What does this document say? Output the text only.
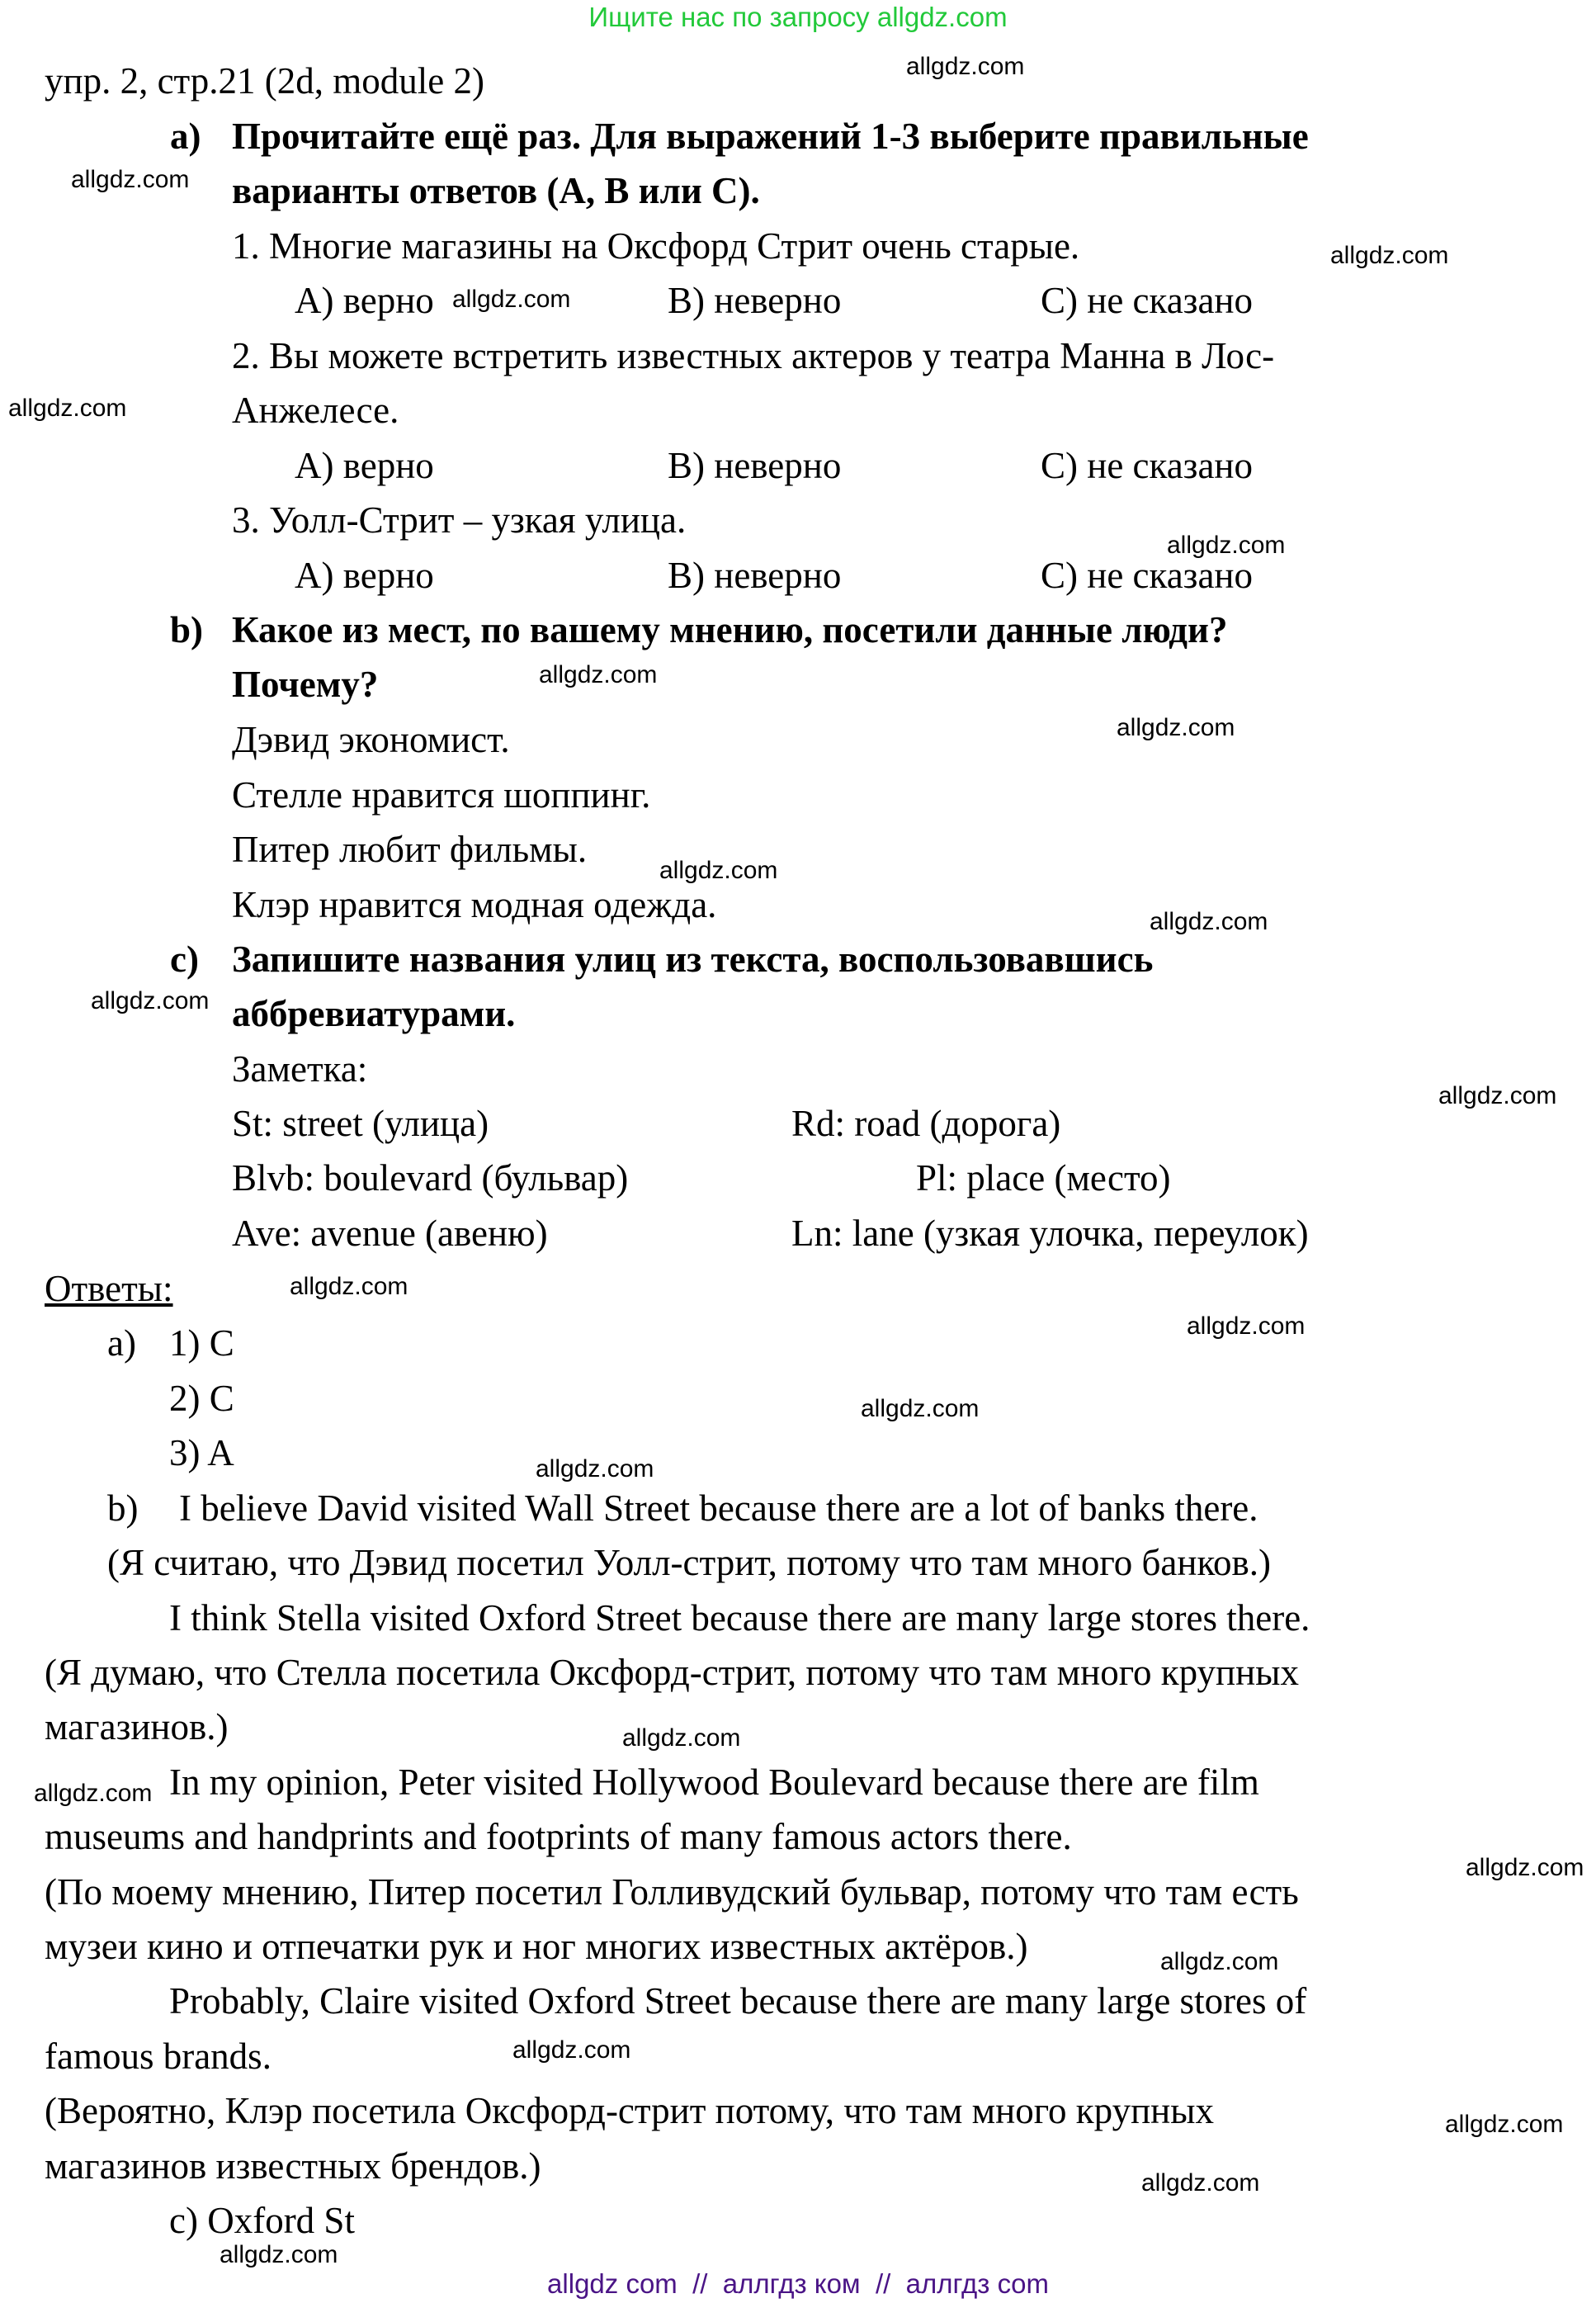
Ищите нас по запросу allgdz.com
упр. 2, стр.21 (2d, module 2)
a) Прочитайте ещё раз. Для выражений 1-3 выберите правильные
варианты ответов (A, B или C).
1. Многие магазины на Оксфорд Стрит очень старые.
A) верно	B) неверно	C) не сказано
2. Вы можете встретить известных актеров у театра Манна в Лос-
Анжелесе.
A) верно	B) неверно	C) не сказано
3. Уолл-Стрит – узкая улица.
A) верно	B) неверно	C) не сказано
b) Какое из мест, по вашему мнению, посетили данные люди?
Почему?
Дэвид экономист.
Стелле нравится шоппинг.
Питер любит фильмы.
Клэр нравится модная одежда.
c) Запишите названия улиц из текста, воспользовавшись
аббревиатурами.
Заметка:
St: street (улица)	Rd: road (дорога)
Blvb: boulevard (бульвар)	Pl: place (место)
Ave: avenue (авеню)	Ln: lane (узкая улочка, переулок)
Ответы:
a) 1) C
2) C
3) A
b) I believe David visited Wall Street because there are a lot of banks there.
(Я считаю, что Дэвид посетил Уолл-стрит, потому что там много банков.)
I think Stella visited Oxford Street because there are many large stores there.
(Я думаю, что Стелла посетила Оксфорд-стрит, потому что там много крупных
магазинов.)
In my opinion, Peter visited Hollywood Boulevard because there are film
museums and handprints and footprints of many famous actors there.
(По моему мнению, Питер посетил Голливудский бульвар, потому что там есть
музеи кино и отпечатки рук и ног многих известных актёров.)
Probably, Claire visited Oxford Street because there are many large stores of
famous brands.
(Вероятно, Клэр посетила Оксфорд-стрит потому, что там много крупных
магазинов известных брендов.)
c) Oxford St
allgdz.com
allgdz.com
allgdz.com
allgdz.com
allgdz.com
allgdz.com
allgdz.com
allgdz.com
allgdz.com
allgdz.com
allgdz.com
allgdz.com
allgdz.com
allgdz.com
allgdz.com
allgdz.com
allgdz.com
allgdz.com
allgdz.com
allgdz.com
allgdz.com
allgdz.com
allgdz.com
allgdz.com
allgdz com  //  аллгдз ком  //  аллгдз com
